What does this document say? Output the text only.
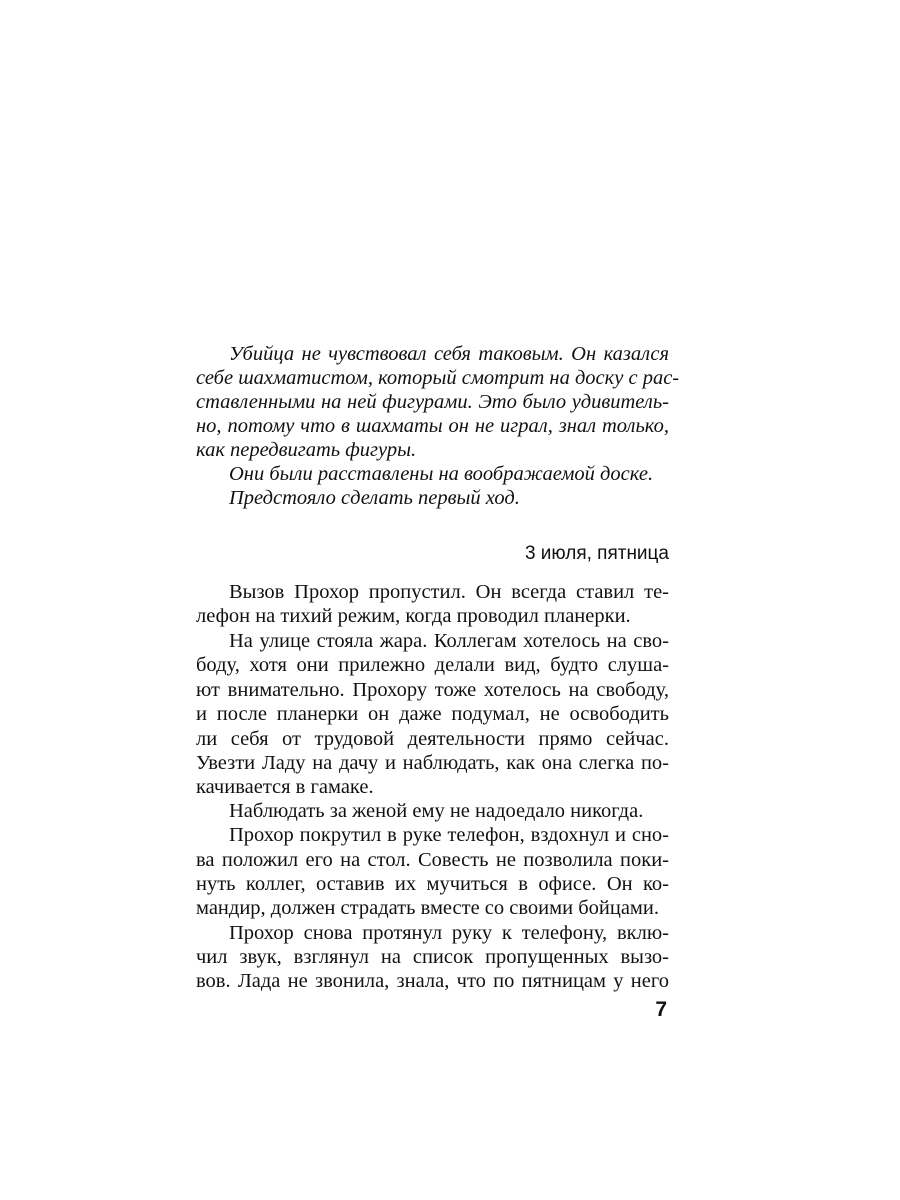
Убийца не чувствовал себя таковым. Он казался
себе шахматистом, который смотрит на доску с рас-
ставленными на ней фигурами. Это было удивитель-
но, потому что в шахматы он не играл, знал только,
как передвигать фигуры.
Они были расставлены на воображаемой доске.
Предстояло сделать первый ход.
3 июля, пятница
Вызов Прохор пропустил. Он всегда ставил те-
лефон на тихий режим, когда проводил планерки.
На улице стояла жара. Коллегам хотелось на сво-
боду, хотя они прилежно делали вид, будто слуша-
ют внимательно. Прохору тоже хотелось на свободу,
и после планерки он даже подумал, не освободить
ли себя от трудовой деятельности прямо сейчас.
Увезти Ладу на дачу и наблюдать, как она слегка по-
качивается в гамаке.
Наблюдать за женой ему не надоедало никогда.
Прохор покрутил в руке телефон, вздохнул и сно-
ва положил его на стол. Совесть не позволила поки-
нуть коллег, оставив их мучиться в офисе. Он ко-
мандир, должен страдать вместе со своими бойцами.
Прохор снова протянул руку к телефону, вклю-
чил звук, взглянул на список пропущенных вызо-
вов. Лада не звонила, знала, что по пятницам у него
7
